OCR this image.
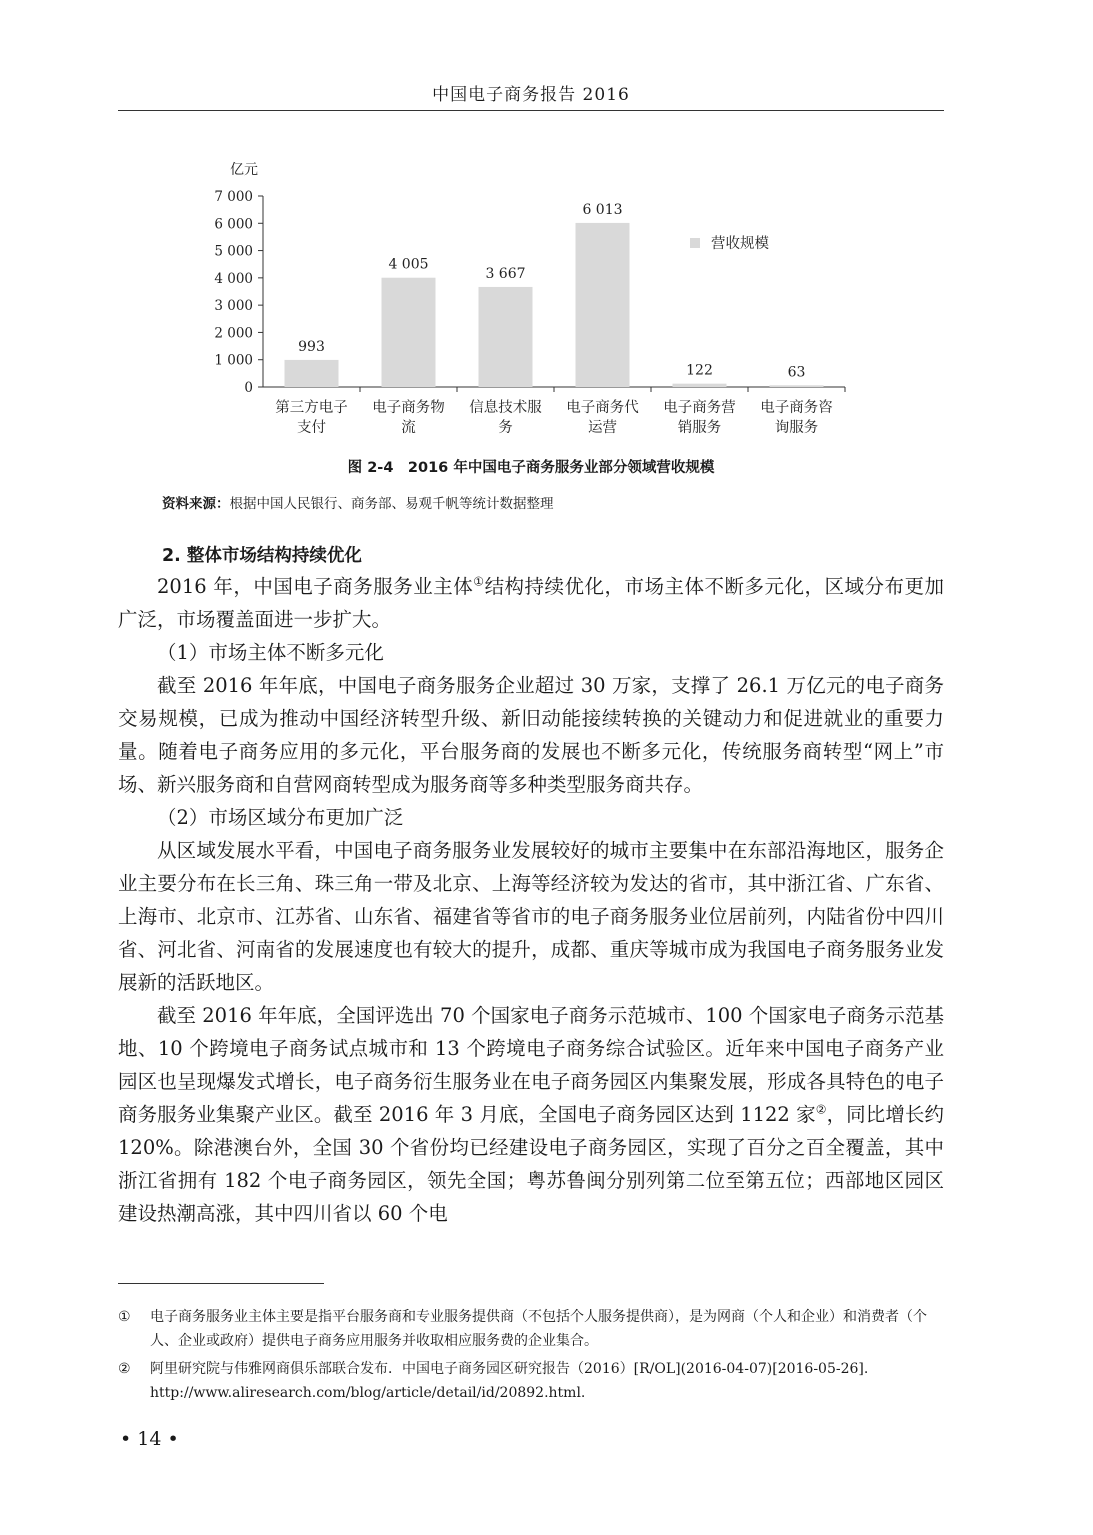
中国电子商务报告 2016
亿元
0
1 000
2 000
3 000
4 000
5 000
6 000
7 000
993
第三方电子
支付
4 005
电子商务物
流
3 667
信息技术服
务
6 013
电子商务代
运营
122
电子商务营
销服务
63
电子商务咨
询服务
营收规模
图 2-4　2016 年中国电子商务服务业部分领域营收规模
资料来源：根据中国人民银行、商务部、易观千帆等统计数据整理
2. 整体市场结构持续优化

2016 年，中国电子商务服务业主体①结构持续优化，市场主体不断多元化，区域分布更加广泛，市场覆盖面进一步扩大。

（1）市场主体不断多元化

截至 2016 年年底，中国电子商务服务企业超过 30 万家，支撑了 26.1 万亿元的电子商务交易规模，已成为推动中国经济转型升级、新旧动能接续转换的关键动力和促进就业的重要力量。随着电子商务应用的多元化，平台服务商的发展也不断多元化，传统服务商转型“网上”市场、新兴服务商和自营网商转型成为服务商等多种类型服务商共存。

（2）市场区域分布更加广泛

从区域发展水平看，中国电子商务服务业发展较好的城市主要集中在东部沿海地区，服务企业主要分布在长三角、珠三角一带及北京、上海等经济较为发达的省市，其中浙江省、广东省、上海市、北京市、江苏省、山东省、福建省等省市的电子商务服务业位居前列，内陆省份中四川省、河北省、河南省的发展速度也有较大的提升，成都、重庆等城市成为我国电子商务服务业发展新的活跃地区。

截至 2016 年年底，全国评选出 70 个国家电子商务示范城市、100 个国家电子商务示范基地、10 个跨境电子商务试点城市和 13 个跨境电子商务综合试验区。近年来中国电子商务产业园区也呈现爆发式增长，电子商务衍生服务业在电子商务园区内集聚发展，形成各具特色的电子商务服务业集聚产业区。截至 2016 年 3 月底，全国电子商务园区达到 1122 家②，同比增长约 120%。除港澳台外，全国 30 个省份均已经建设电子商务园区，实现了百分之百全覆盖，其中浙江省拥有 182 个电子商务园区，领先全国；粤苏鲁闽分别列第二位至第五位；西部地区园区建设热潮高涨，其中四川省以 60 个电

① 电子商务服务业主体主要是指平台服务商和专业服务提供商（不包括个人服务提供商），是为网商（个人和企业）和消费者（个人、企业或政府）提供电子商务应用服务并收取相应服务费的企业集合。

② 阿里研究院与伟雅网商俱乐部联合发布．中国电子商务园区研究报告（2016）[R/OL](2016-04-07)[2016-05-26]. http://www.aliresearch.com/blog/article/detail/id/20892.html.

• 14 •
